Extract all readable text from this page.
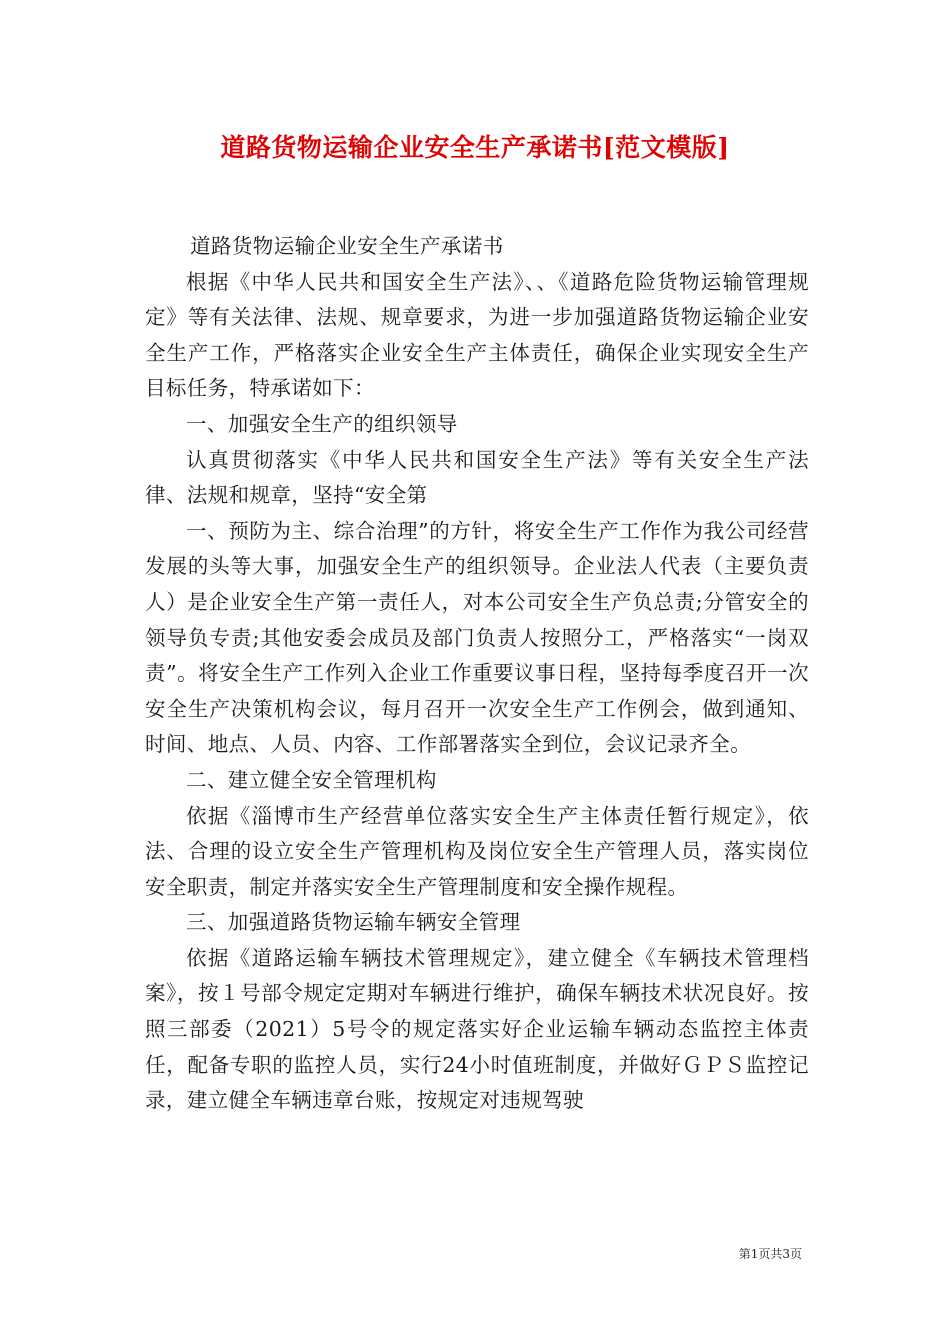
道路货物运输企业安全生产承诺书[范文模版]

道路货物运输企业安全生产承诺书

根据《中华人民共和国安全生产法》、、《道路危险货物运输管理规定》等有关法律、法规、规章要求，为进一步加强道路货物运输企业安全生产工作，严格落实企业安全生产主体责任，确保企业实现安全生产目标任务，特承诺如下：

一、加强安全生产的组织领导

认真贯彻落实《中华人民共和国安全生产法》等有关安全生产法律、法规和规章，坚持“安全第

一、预防为主、综合治理”的方针，将安全生产工作作为我公司经营发展的头等大事，加强安全生产的组织领导。企业法人代表（主要负责人）是企业安全生产第一责任人，对本公司安全生产负总责;分管安全的领导负专责;其他安委会成员及部门负责人按照分工，严格落实“一岗双责”。将安全生产工作列入企业工作重要议事日程，坚持每季度召开一次安全生产决策机构会议，每月召开一次安全生产工作例会，做到通知、时间、地点、人员、内容、工作部署落实全到位，会议记录齐全。

二、建立健全安全管理机构

依据《淄博市生产经营单位落实安全生产主体责任暂行规定》，依法、合理的设立安全生产管理机构及岗位安全生产管理人员，落实岗位安全职责，制定并落实安全生产管理制度和安全操作规程。

三、加强道路货物运输车辆安全管理

依据《道路运输车辆技术管理规定》，建立健全《车辆技术管理档案》，按１号部令规定定期对车辆进行维护，确保车辆技术状况良好。按照三部委（2021）5号令的规定落实好企业运输车辆动态监控主体责任，配备专职的监控人员，实行24小时值班制度，并做好ＧＰＳ监控记录，建立健全车辆违章台账，按规定对违规驾驶

第1页共3页
